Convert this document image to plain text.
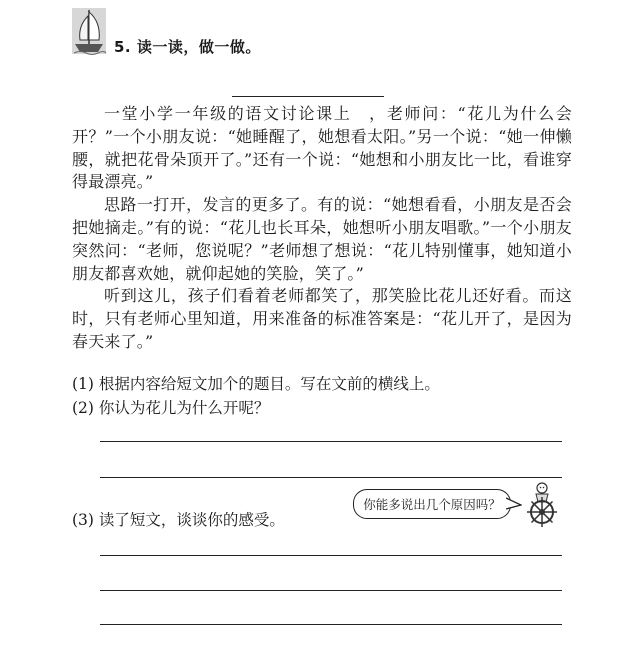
5. 读一读，做一做。

一堂小学一年级的语文讨论课上　，老师问：“花儿为什么会开？”一个小朋友说：“她睡醒了，她想看太阳。”另一个说：“她一伸懒腰，就把花骨朵顶开了。”还有一个说：“她想和小朋友比一比，看谁穿得最漂亮。”

思路一打开，发言的更多了。有的说：“她想看看，小朋友是否会把她摘走。”有的说：“花儿也长耳朵，她想听小朋友唱歌。”一个小朋友突然问：“老师，您说呢？”老师想了想说：“花儿特别懂事，她知道小朋友都喜欢她，就仰起她的笑脸，笑了。”

听到这儿，孩子们看着老师都笑了，那笑脸比花儿还好看。而这时，只有老师心里知道，用来准备的标准答案是：“花儿开了，是因为春天来了。”

(1) 根据内容给短文加个的题目。写在文前的横线上。
(2) 你认为花儿为什么开呢？
(3) 读了短文，谈谈你的感受。
你能多说出几个原因吗？
